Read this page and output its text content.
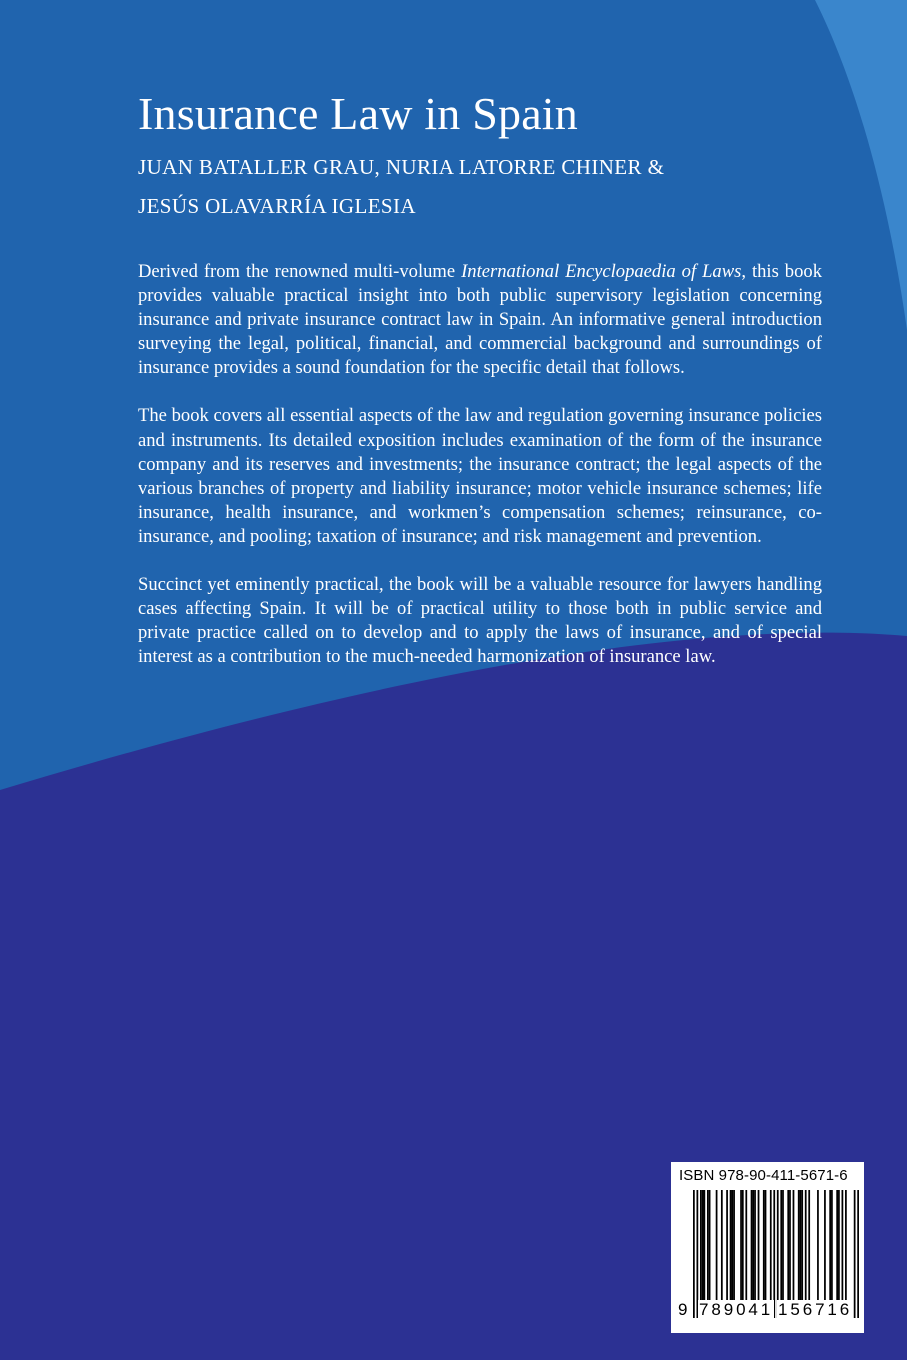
Insurance Law in Spain

JUAN BATALLER GRAU, NURIA LATORRE CHINER &
JESÚS OLAVARRÍA IGLESIA

Derived from the renowned multi-volume International Encyclopaedia of Laws, this book provides valuable practical insight into both public supervisory legislation concerning insurance and private insurance contract law in Spain. An informative general introduction surveying the legal, political, financial, and commercial background and surroundings of insurance provides a sound foundation for the specific detail that follows.

The book covers all essential aspects of the law and regulation governing insurance policies and instruments. Its detailed exposition includes examination of the form of the insurance company and its reserves and investments; the insurance contract; the legal aspects of the various branches of property and liability insurance; motor vehicle insurance schemes; life insurance, health insurance, and workmen’s compensation schemes; reinsurance, co-insurance, and pooling; taxation of insurance; and risk management and prevention.

Succinct yet eminently practical, the book will be a valuable resource for lawyers handling cases affecting Spain. It will be of practical utility to those both in public service and private practice called on to develop and to apply the laws of insurance, and of special interest as a contribution to the much-needed harmonization of insurance law.

ISBN 978-90-411-5671-6
9 789041 156716
